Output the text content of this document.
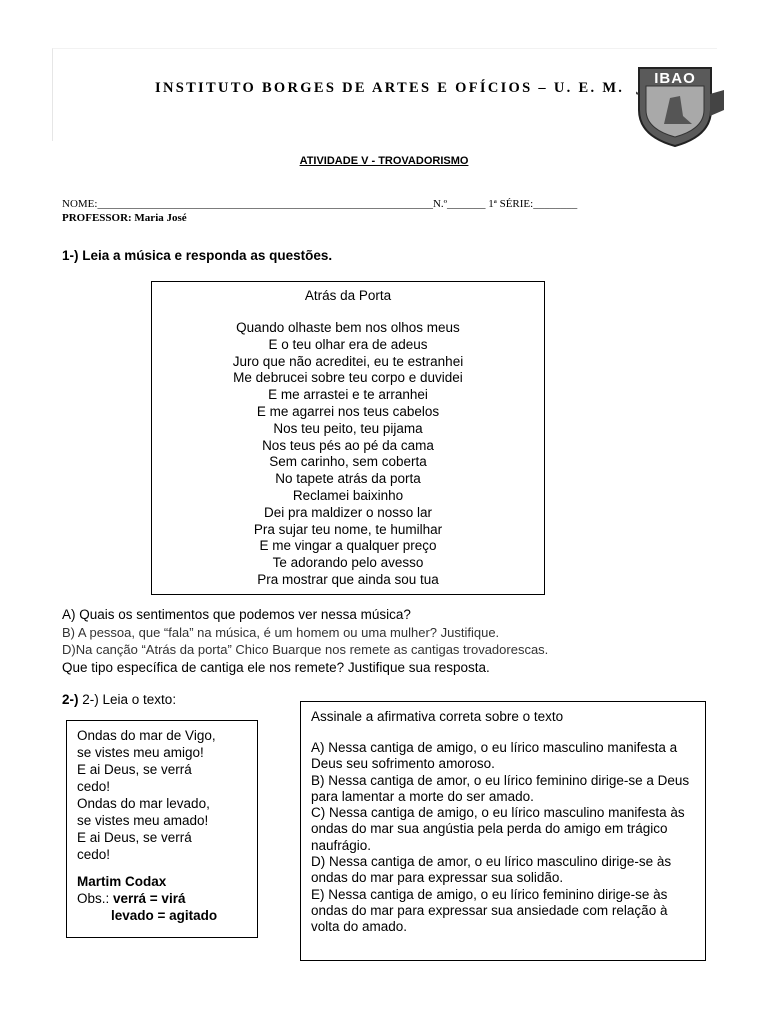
INSTITUTO BORGES DE ARTES E OFÍCIOS – U. E. M.
IBAO
ATIVIDADE V - TROVADORISMO
NOME:_____________________________________________________________N.º_______ 1ª SÉRIE:________
PROFESSOR: Maria José
1-) Leia a música e responda as questões.
Atrás da Porta
Quando olhaste bem nos olhos meus
E o teu olhar era de adeus
Juro que não acreditei, eu te estranhei
Me debrucei sobre teu corpo e duvidei
E me arrastei e te arranhei
E me agarrei nos teus cabelos
Nos teu peito, teu pijama
Nos teus pés ao pé da cama
Sem carinho, sem coberta
No tapete atrás da porta
Reclamei baixinho
Dei pra maldizer o nosso lar
Pra sujar teu nome, te humilhar
E me vingar a qualquer preço
Te adorando pelo avesso
Pra mostrar que ainda sou tua
A) Quais os sentimentos que podemos ver nessa música?
B) A pessoa, que “fala” na música, é um homem ou uma mulher? Justifique.
D)Na canção “Atrás da porta” Chico Buarque nos remete as cantigas trovadorescas.
Que tipo específica de cantiga ele nos remete? Justifique sua resposta.
2-) 2-) Leia o texto:
Ondas do mar de Vigo,
se vistes meu amigo!
E ai Deus, se verrá
cedo!
Ondas do mar levado,
se vistes meu amado!
E ai Deus, se verrá
cedo!
Martim Codax
Obs.: verrá = virá
levado = agitado
Assinale a afirmativa correta sobre o texto
A) Nessa cantiga de amigo, o eu lírico masculino manifesta a Deus seu sofrimento amoroso.
B) Nessa cantiga de amor, o eu lírico feminino dirige-se a Deus para lamentar a morte do ser amado.
C) Nessa cantiga de amigo, o eu lírico masculino manifesta às ondas do mar sua angústia pela perda do amigo em trágico naufrágio.
D) Nessa cantiga de amor, o eu lírico masculino dirige-se às ondas do mar para expressar sua solidão.
E) Nessa cantiga de amigo, o eu lírico feminino dirige-se às ondas do mar para expressar sua ansiedade com relação à volta do amado.
